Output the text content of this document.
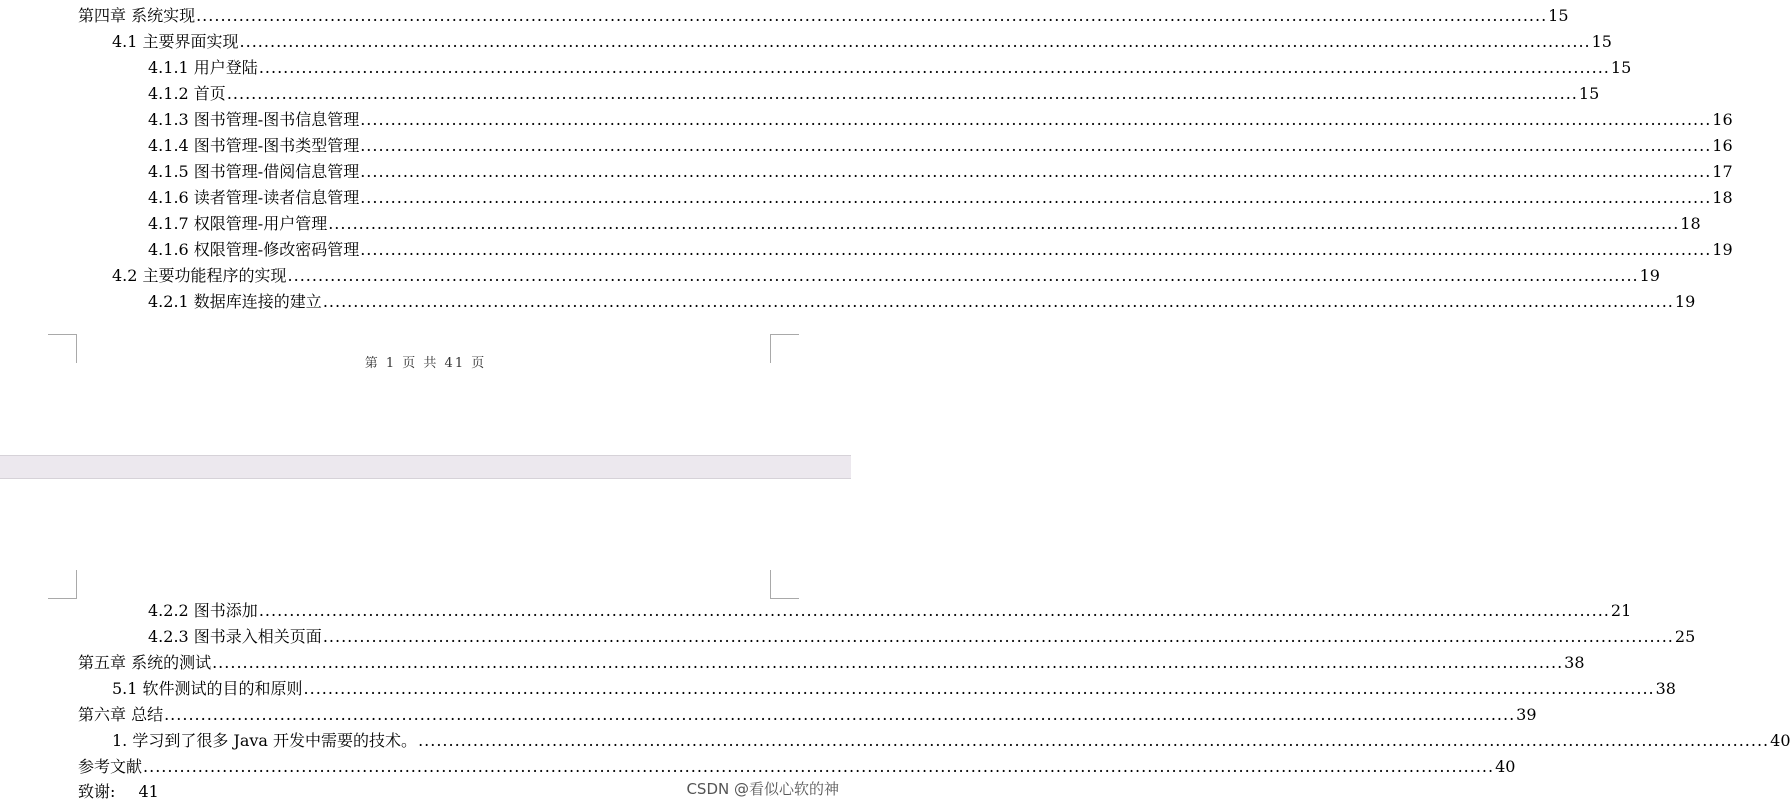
第四章 系统实现 .............................................................................................................................................................................................................................. 15
4.1 主要界面实现 .............................................................................................................................................................................................................................. 15
4.1.1 用户登陆 .............................................................................................................................................................................................................................. 15
4.1.2 首页 .............................................................................................................................................................................................................................. 15
4.1.3 图书管理-图书信息管理 .............................................................................................................................................................................................................................. 16
4.1.4 图书管理-图书类型管理 .............................................................................................................................................................................................................................. 16
4.1.5 图书管理-借阅信息管理 .............................................................................................................................................................................................................................. 17
4.1.6 读者管理-读者信息管理 .............................................................................................................................................................................................................................. 18
4.1.7 权限管理-用户管理 .............................................................................................................................................................................................................................. 18
4.1.6 权限管理-修改密码管理 .............................................................................................................................................................................................................................. 19
4.2 主要功能程序的实现 .............................................................................................................................................................................................................................. 19
4.2.1 数据库连接的建立 .............................................................................................................................................................................................................................. 19
第 1 页 共 41 页
4.2.2 图书添加 .............................................................................................................................................................................................................................. 21
4.2.3 图书录入相关页面 .............................................................................................................................................................................................................................. 25
第五章 系统的测试 .............................................................................................................................................................................................................................. 38
5.1 软件测试的目的和原则 .............................................................................................................................................................................................................................. 38
第六章 总结 .............................................................................................................................................................................................................................. 39
1. 学习到了很多 Java 开发中需要的技术。 .............................................................................................................................................................................................................................. 40
参考文献 .............................................................................................................................................................................................................................. 40
致谢: 41	CSDN @看似心软的神
